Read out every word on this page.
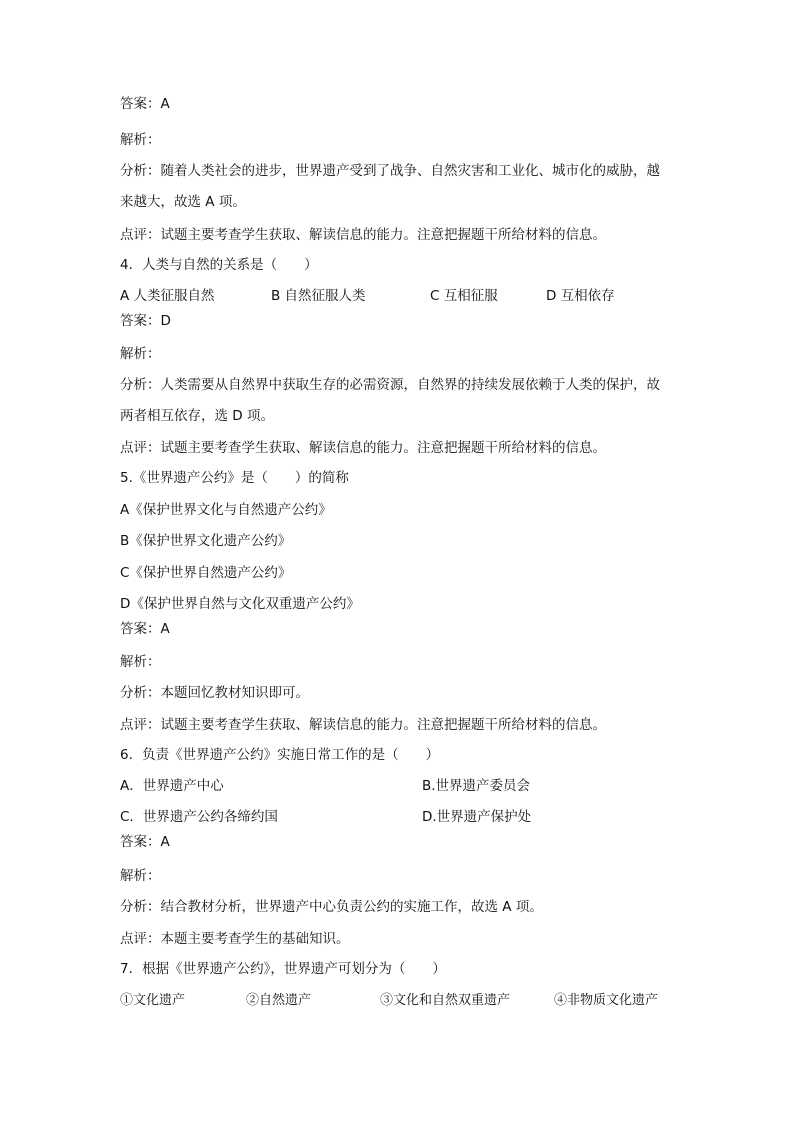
答案：A
解析：
分析：随着人类社会的进步，世界遗产受到了战争、自然灾害和工业化、城市化的威胁，越
来越大，故选 A 项。
点评：试题主要考查学生获取、解读信息的能力。注意把握题干所给材料的信息。
4．人类与自然的关系是（　　）
A 人类征服自然	B 自然征服人类	C 互相征服	D 互相依存
答案：D
解析：
分析：人类需要从自然界中获取生存的必需资源，自然界的持续发展依赖于人类的保护，故
两者相互依存，选 D 项。
点评：试题主要考查学生获取、解读信息的能力。注意把握题干所给材料的信息。
5.《世界遗产公约》是（　　）的简称
A《保护世界文化与自然遗产公约》
B《保护世界文化遗产公约》
C《保护世界自然遗产公约》
D《保护世界自然与文化双重遗产公约》
答案：A
解析：
分析：本题回忆教材知识即可。
点评：试题主要考查学生获取、解读信息的能力。注意把握题干所给材料的信息。
6．负责《世界遗产公约》实施日常工作的是（　　）
A．世界遗产中心	B.世界遗产委员会
C．世界遗产公约各缔约国	D.世界遗产保护处
答案：A
解析：
分析：结合教材分析，世界遗产中心负责公约的实施工作，故选 A 项。
点评：本题主要考查学生的基础知识。
7．根据《世界遗产公约》，世界遗产可划分为（　　）
①文化遗产	②自然遗产	③文化和自然双重遗产	④非物质文化遗产
